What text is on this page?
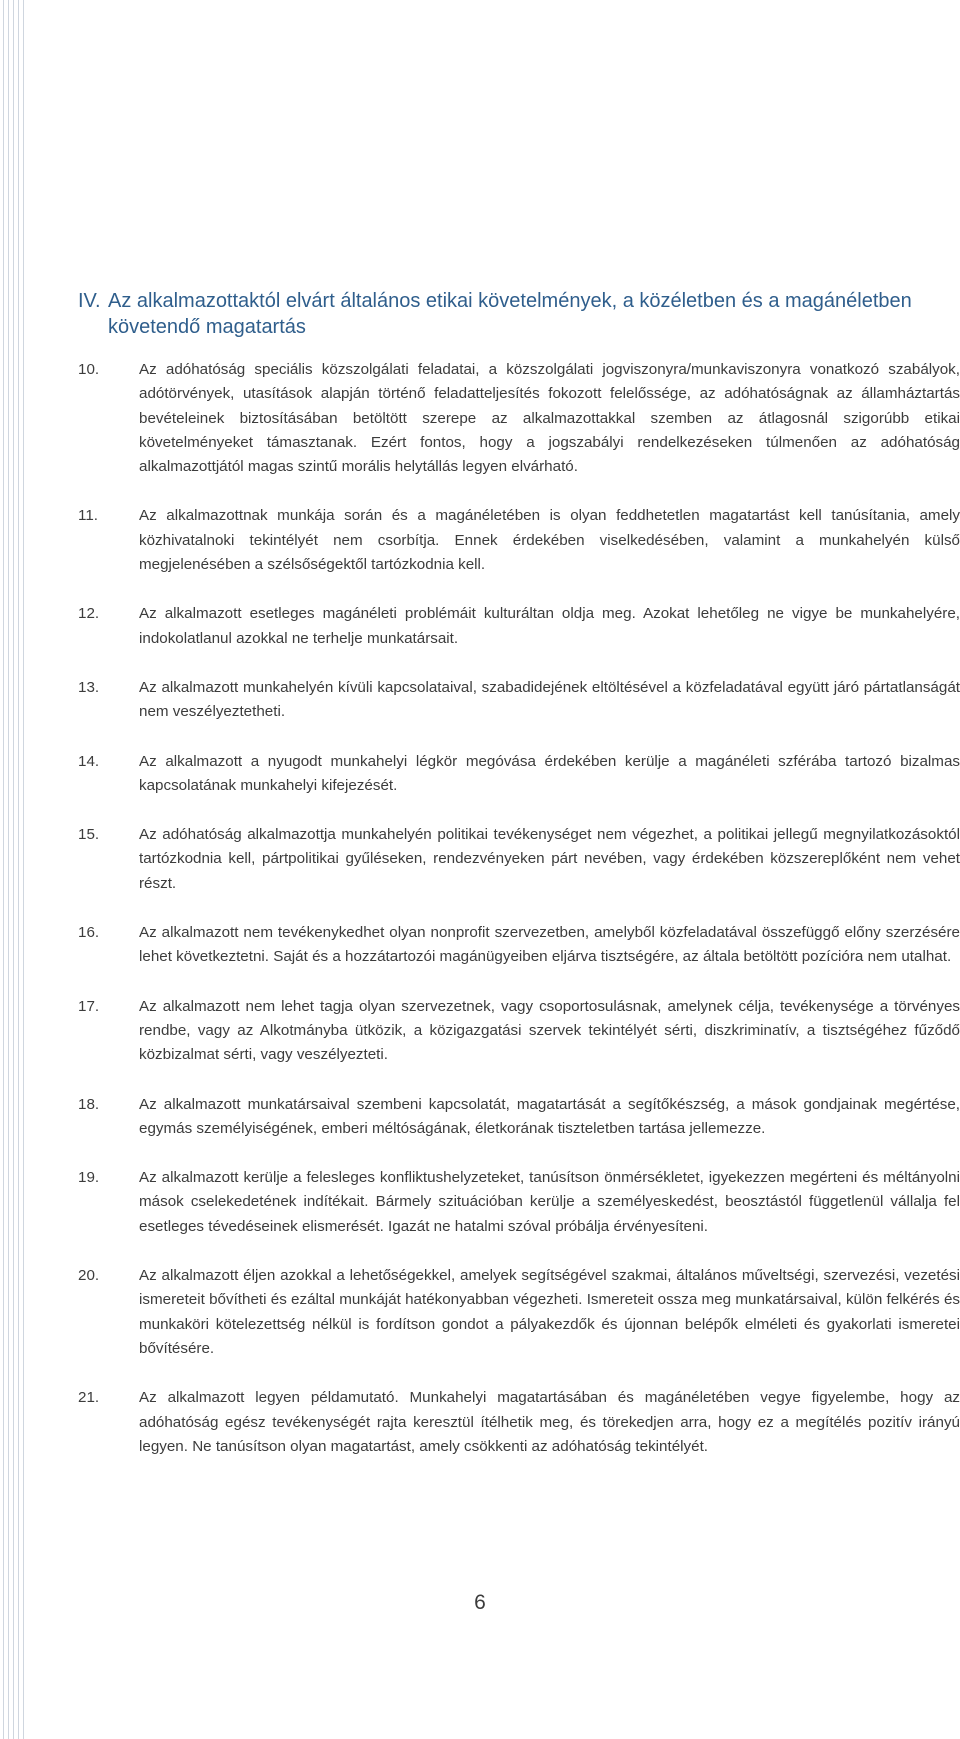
IV. Az alkalmazottaktól elvárt általános etikai követelmények, a közéletben és a magánéletben követendő magatartás
10.	Az adóhatóság speciális közszolgálati feladatai, a közszolgálati jogviszonyra/munkaviszonyra vonatkozó szabályok, adótörvények, utasítások alapján történő feladatteljesítés fokozott felelőssége, az adóhatóságnak az államháztartás bevételeinek biztosításában betöltött szerepe az alkalmazottakkal szemben az átlagosnál szigorúbb etikai követelményeket támasztanak. Ezért fontos, hogy a jogszabályi rendelkezéseken túlmenően az adóhatóság alkalmazottjától magas szintű morális helytállás legyen elvárható.
11.	Az alkalmazottnak munkája során és a magánéletében is olyan feddhetetlen magatartást kell tanúsítania, amely közhivatalnoki tekintélyét nem csorbítja. Ennek érdekében viselkedésében, valamint a munkahelyén külső megjelenésében a szélsőségektől tartózkodnia kell.
12.	Az alkalmazott esetleges magánéleti problémáit kulturáltan oldja meg. Azokat lehetőleg ne vigye be munkahelyére, indokolatlanul azokkal ne terhelje munkatársait.
13.	Az alkalmazott munkahelyén kívüli kapcsolataival, szabadidejének eltöltésével a közfeladatával együtt járó pártatlanságát nem veszélyeztetheti.
14.	Az alkalmazott a nyugodt munkahelyi légkör megóvása érdekében kerülje a magánéleti szférába tartozó bizalmas kapcsolatának munkahelyi kifejezését.
15.	Az adóhatóság alkalmazottja munkahelyén politikai tevékenységet nem végezhet, a politikai jellegű megnyilatkozásoktól tartózkodnia kell, pártpolitikai gyűléseken, rendezvényeken párt nevében, vagy érdekében közszereplőként nem vehet részt.
16.	Az alkalmazott nem tevékenykedhet olyan nonprofit szervezetben, amelyből közfeladatával összefüggő előny szerzésére lehet következtetni. Saját és a hozzátartozói magánügyeiben eljárva tisztségére, az általa betöltött pozícióra nem utalhat.
17.	Az alkalmazott nem lehet tagja olyan szervezetnek, vagy csoportosulásnak, amelynek célja, tevékenysége a törvényes rendbe, vagy az Alkotmányba ütközik, a közigazgatási szervek tekintélyét sérti, diszkriminatív, a tisztségéhez fűződő közbizalmat sérti, vagy veszélyezteti.
18.	Az alkalmazott munkatársaival szembeni kapcsolatát, magatartását a segítőkészség, a mások gondjainak megértése, egymás személyiségének, emberi méltóságának, életkorának tiszteletben tartása jellemezze.
19.	Az alkalmazott kerülje a felesleges konfliktushelyzeteket, tanúsítson önmérsékletet, igyekezzen megérteni és méltányolni mások cselekedetének indítékait. Bármely szituációban kerülje a személyeskedést, beosztástól függetlenül vállalja fel esetleges tévedéseinek elismerését. Igazát ne hatalmi szóval próbálja érvényesíteni.
20.	Az alkalmazott éljen azokkal a lehetőségekkel, amelyek segítségével szakmai, általános műveltségi, szervezési, vezetési ismereteit bővítheti és ezáltal munkáját hatékonyabban végezheti. Ismereteit ossza meg munkatársaival, külön felkérés és munkaköri kötelezettség nélkül is fordítson gondot a pályakezdők és újonnan belépők elméleti és gyakorlati ismeretei bővítésére.
21.	Az alkalmazott legyen példamutató. Munkahelyi magatartásában és magánéletében vegye figyelembe, hogy az adóhatóság egész tevékenységét rajta keresztül ítélhetik meg, és törekedjen arra, hogy ez a megítélés pozitív irányú legyen. Ne tanúsítson olyan magatartást, amely csökkenti az adóhatóság tekintélyét.
6
